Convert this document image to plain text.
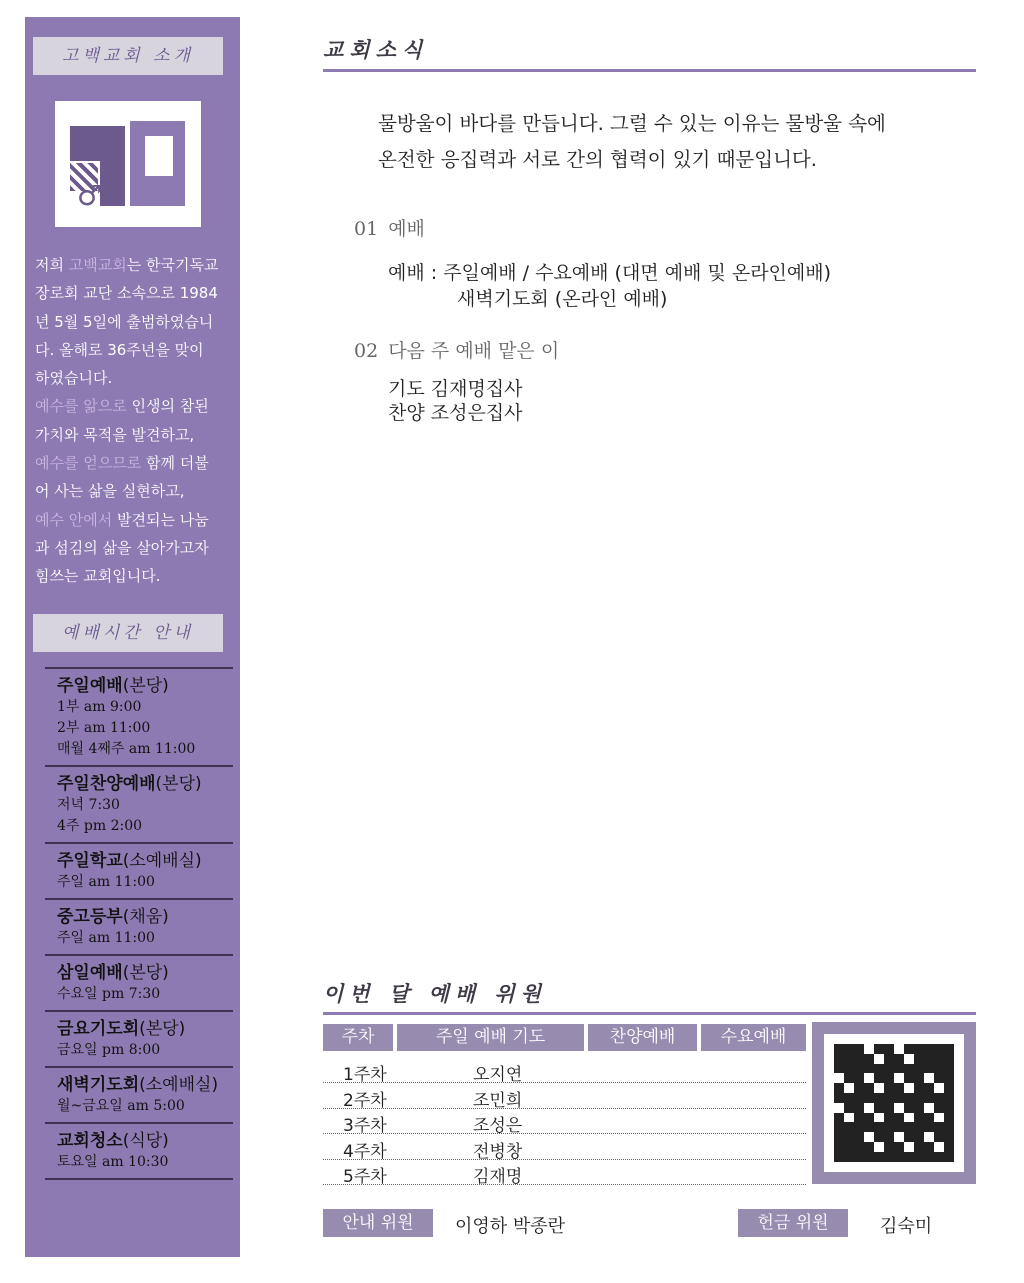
고백교회 소개
♂
저희 고백교회는 한국기독교
장로회 교단 소속으로 1984
년 5월 5일에 출범하였습니
다. 올해로 36주년을 맞이
하였습니다.
예수를 앎으로 인생의 참된
가치와 목적을 발견하고,
예수를 얻으므로 함께 더불
어 사는 삶을 실현하고,
예수 안에서 발견되는 나눔
과 섬김의 삶을 살아가고자
힘쓰는 교회입니다.
예배시간 안내
주일예배(본당)
1부 am 9:00
2부 am 11:00
매월 4째주 am 11:00
주일찬양예배(본당)
저녁 7:30
4주 pm 2:00
주일학교(소예배실)
주일 am 11:00
중고등부(채움)
주일 am 11:00
삼일예배(본당)
수요일 pm 7:30
금요기도회(본당)
금요일 pm 8:00
새벽기도회(소예배실)
월~금요일 am 5:00
교회청소(식당)
토요일 am 10:30
교회소식
물방울이 바다를 만듭니다. 그럴 수 있는 이유는 물방울 속에
온전한 응집력과 서로 간의 협력이 있기 때문입니다.
01 예배
예배 : 주일예배 / 수요예배 (대면 예배 및 온라인예배)
새벽기도회 (온라인 예배)
02 다음 주 예배 맡은 이
기도 김재명집사
찬양 조성은집사
이번 달 예배 위원
주차	주일 예배 기도	찬양예배	수요예배
1주차	오지연
2주차	조민희
3주차	조성은
4주차	전병창
5주차	김재명
안내 위원	이영하 박종란	헌금 위원	김숙미
